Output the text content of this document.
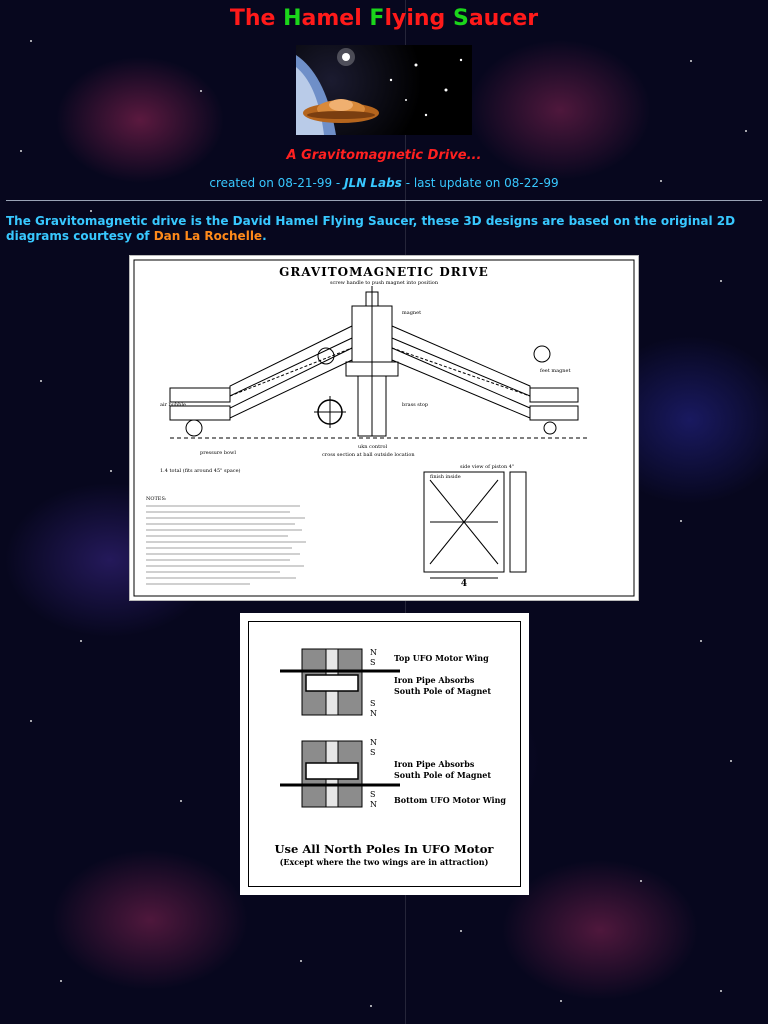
The Hamel Flying Saucer
A Gravitomagnetic Drive...
created on 08-21-99 - JLN Labs - last update on 08-22-99
The Gravitomagnetic drive is the David Hamel Flying Saucer, these 3D designs are based on the original 2D diagrams courtesy of Dan La Rochelle.
GRAVITOMAGNETIC DRIVE
screw handle to push magnet into position
air bubble
pressure bowl
1.4 total (fits around 45" space)
magnet
brass stop
feet magnet
ukn control
cross section at ball outside location
side view of piston 4"
finish inside
4
NOTES:
N
S
S
N
Top UFO Motor Wing
Iron Pipe Absorbs
South Pole of Magnet
N
S
S
N
Iron Pipe Absorbs
South Pole of Magnet
Bottom UFO Motor Wing
Use All North Poles In UFO Motor
(Except where the two wings are in attraction)
